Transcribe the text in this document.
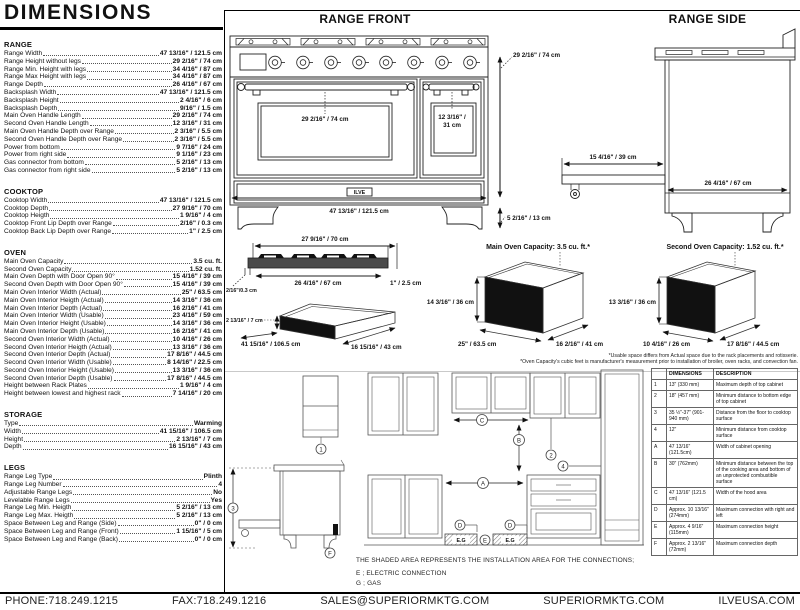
DIMENSIONS
RANGE
Range Width	47 13/16" / 121.5 cm
Range Height without legs	29 2/16" / 74 cm
Range Min. Height with legs	34 4/16" / 87 cm
Range Max Height with legs	34 4/16" / 87 cm
Range Depth	26 4/16" / 67 cm
Backsplash Width	47 13/16" / 121.5 cm
Backsplash Height	2 4/16" / 6 cm
Backsplash Depth	9/16" / 1.5 cm
Main Oven Handle Length	29 2/16" / 74 cm
Second Oven Handle Length	12 3/16" / 31 cm
Main Oven Handle Depth over Range	2 3/16" / 5.5 cm
Second Oven Handle Depth over Range	2 3/16" / 5.5 cm
Power from bottom	9 7/16" / 24 cm
Power from right side	9 1/16" / 23 cm
Gas connector from bottom	5 2/16" / 13 cm
Gas connector from right side	5 2/16" / 13 cm
COOKTOP
Cooktop Width	47 13/16" / 121.5 cm
Cooktop Depth	27 9/16" / 70 cm
Cooktop Heigth	1 9/16" / 4 cm
Cooktop Front Lip Depth over Range	2/16" / 0.3 cm
Cooktop Back Lip Depth over Range	1" / 2.5 cm
OVEN
Main Oven Capacity	3.5 cu. ft.
Second Oven Capacity	1.52 cu. ft.
Main Oven Depth with Door Open 90°	15 4/16" / 39 cm
Second Oven Depth with Door Open 90°	15 4/16" / 39 cm
Main Oven Interior Width (Actual)	25" / 63.5 cm
Main Oven Interior Heigth (Actual)	14 3/16" / 36 cm
Main Oven Interior Depth (Actual)	16 2/16" / 41 cm
Main Oven Interior Width (Usable)	23 4/16" / 59 cm
Main Oven Interior Height (Usable)	14 3/16" / 36 cm
Main Oven Interior Depth (Usable)	16 2/16" / 41 cm
Second Oven Interior Width (Actual)	10 4/16" / 26 cm
Second Oven Interior Heigth (Actual)	13 3/16" / 36 cm
Second Oven Interior Depth (Actual)	17 8/16" / 44.5 cm
Second Oven Interior Width (Usable)	8 14/16" / 22.5 cm
Second Oven Interior Height (Usable)	13 3/16" / 36 cm
Second Oven Interior Depth (Usable)	17 8/16" / 44.5 cm
Height between Rack Plates	1 9/16" / 4 cm
Height between lowest and highest rack	7 14/16" / 20 cm
STORAGE
Type	Warming
Width	41 15/16" / 106.5 cm
Height	2 13/16" / 7 cm
Depth	16 15/16" / 43 cm
LEGS
Range Leg Type	Plinth
Range Leg Number	4
Adjustable Range Legs	No
Levelable Range Legs	Yes
Range Leg Min. Heigth	5 2/16" / 13 cm
Range Leg Max. Heigth	5 2/16" / 13 cm
Space Between Leg and Range (Side)	0" / 0 cm
Space Between Leg and Range (Front)	1 15/16" / 5 cm
Space Between Leg and Range (Back)	0" / 0 cm
RANGE FRONT	RANGE SIDE
29 2/16" / 74 cm	12 3/16" /
31 cm
47 13/16" / 121.5 cm
29 2/16" / 74 cm
5 2/16" / 13 cm
ILVE
15 4/16" / 39 cm
26 4/16" / 67 cm
27 9/16" / 70 cm
26 4/16" / 67 cm	1" / 2.5 cm
2/16"/0.3 cm
2 13/16" / 7 cm
41 15/16" / 106.5 cm	16 15/16" / 43 cm
Main Oven Capacity: 3.5 cu. ft.*
14 3/16" / 36 cm
25" / 63.5 cm	16 2/16" / 41 cm
Second Oven Capacity: 1.52 cu. ft.*
13 3/16" / 36 cm
10 4/16" / 26 cm	17 8/16" / 44.5 cm
*Usable space differs from Actual space due to the rack placements and rotisserie.
*Oven Capacity's cubic feet is manufacturer's measurement prior to installation of broiler, oven racks, and convection fan.
1
3
F
C
B
2
4
A
D	D
E
E.G	E.G
THE SHADED AREA REPRESENTS THE INSTALLATION AREA FOR THE CONNECTIONS;
E ; ELECTRIC CONNECTION
G ; GAS
	DIMENSIONS	DESCRIPTION
1	13" (330 mm)	Maximum depth of top cabinet
2	18" (457 mm)	Minimum distance to bottom edge of top cabinet
3	35 ½"-37" (901-940 mm)	Distance from the floor to cooktop surface
4	12"	Minimum distance from cooktop surface
A	47 13/16" (121.5cm)	Width of cabinet opening
B	30" (762mm)	Minimum distance between the top of the cooking area and bottom of an unprotected combustible surface
C	47 13/16" (121.5 cm)	Width of the hood area
D	Approx. 10 13/16" (274mm)	Maximum connection with right and left
E	Approx. 4 9/16" (115mm)	Maximum connection height
F	Approx. 2 13/16" (72mm)	Maximum connection depth
PHONE:718.249.1215	FAX:718.249.1216	SALES@SUPERIORMKTG.COM	SUPERIORMKTG.COM	ILVEUSA.COM
